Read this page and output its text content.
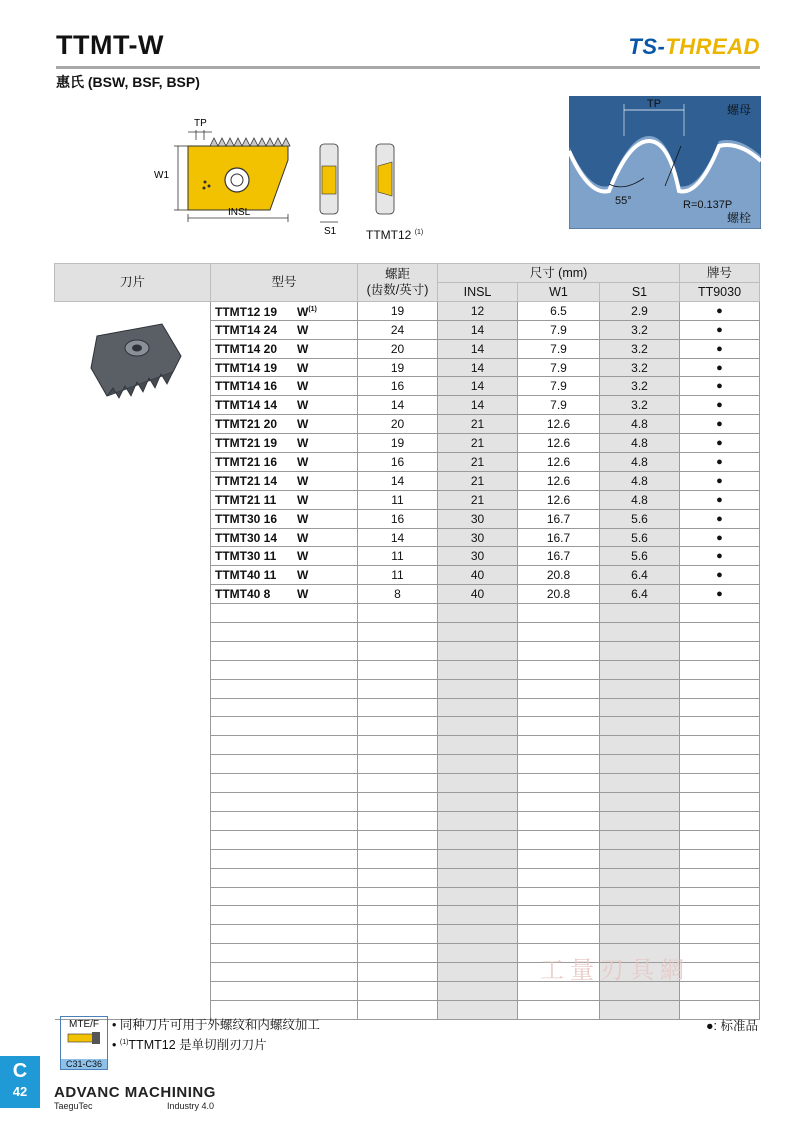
TTMT-W	TS-THREAD
惠氏 (BSW, BSF, BSP)
TP
W1
INSL
S1 TTMT12 $^{(1)}$
TP	螺母
55°	R=0.137P
螺栓
刀片	型号	螺距
(齿数/英寸)	尺寸 (mm)			牌号
			INSL	W1	S1	TT9030
	TTMT12 19 $W^{(1)}$	19	12	6.5	2.9	●
	TTMT14 24 W	24	14	7.9	3.2	●
	TTMT14 20 W	20	14	7.9	3.2	●
	TTMT14 19 W	19	14	7.9	3.2	●
	TTMT14 16 W	16	14	7.9	3.2	●
	TTMT14 14 W	14	14	7.9	3.2	●
	TTMT21 20 W	20	21	12.6	4.8	●
	TTMT21 19 W	19	21	12.6	4.8	●
	TTMT21 16 W	16	21	12.6	4.8	●
	TTMT21 14 W	14	21	12.6	4.8	●
	TTMT21 11 W	11	21	12.6	4.8	●
	TTMT30 16 W	16	30	16.7	5.6	●
	TTMT30 14 W	14	30	16.7	5.6	●
	TTMT30 11 W	11	30	16.7	5.6	●
	TTMT40 11 W	11	40	20.8	6.4	●
	TTMT40 8 W	8	40	20.8	6.4	●

工量刃具網
MTE/F
C31-C36
• 同种刀片可用于外螺纹和内螺纹加工
• $^{(1)}$TTMT12 是单切削刃刀片
●: 标准品
C
42	ADVANC MACHINING
TaeguTec	Industry 4.0
